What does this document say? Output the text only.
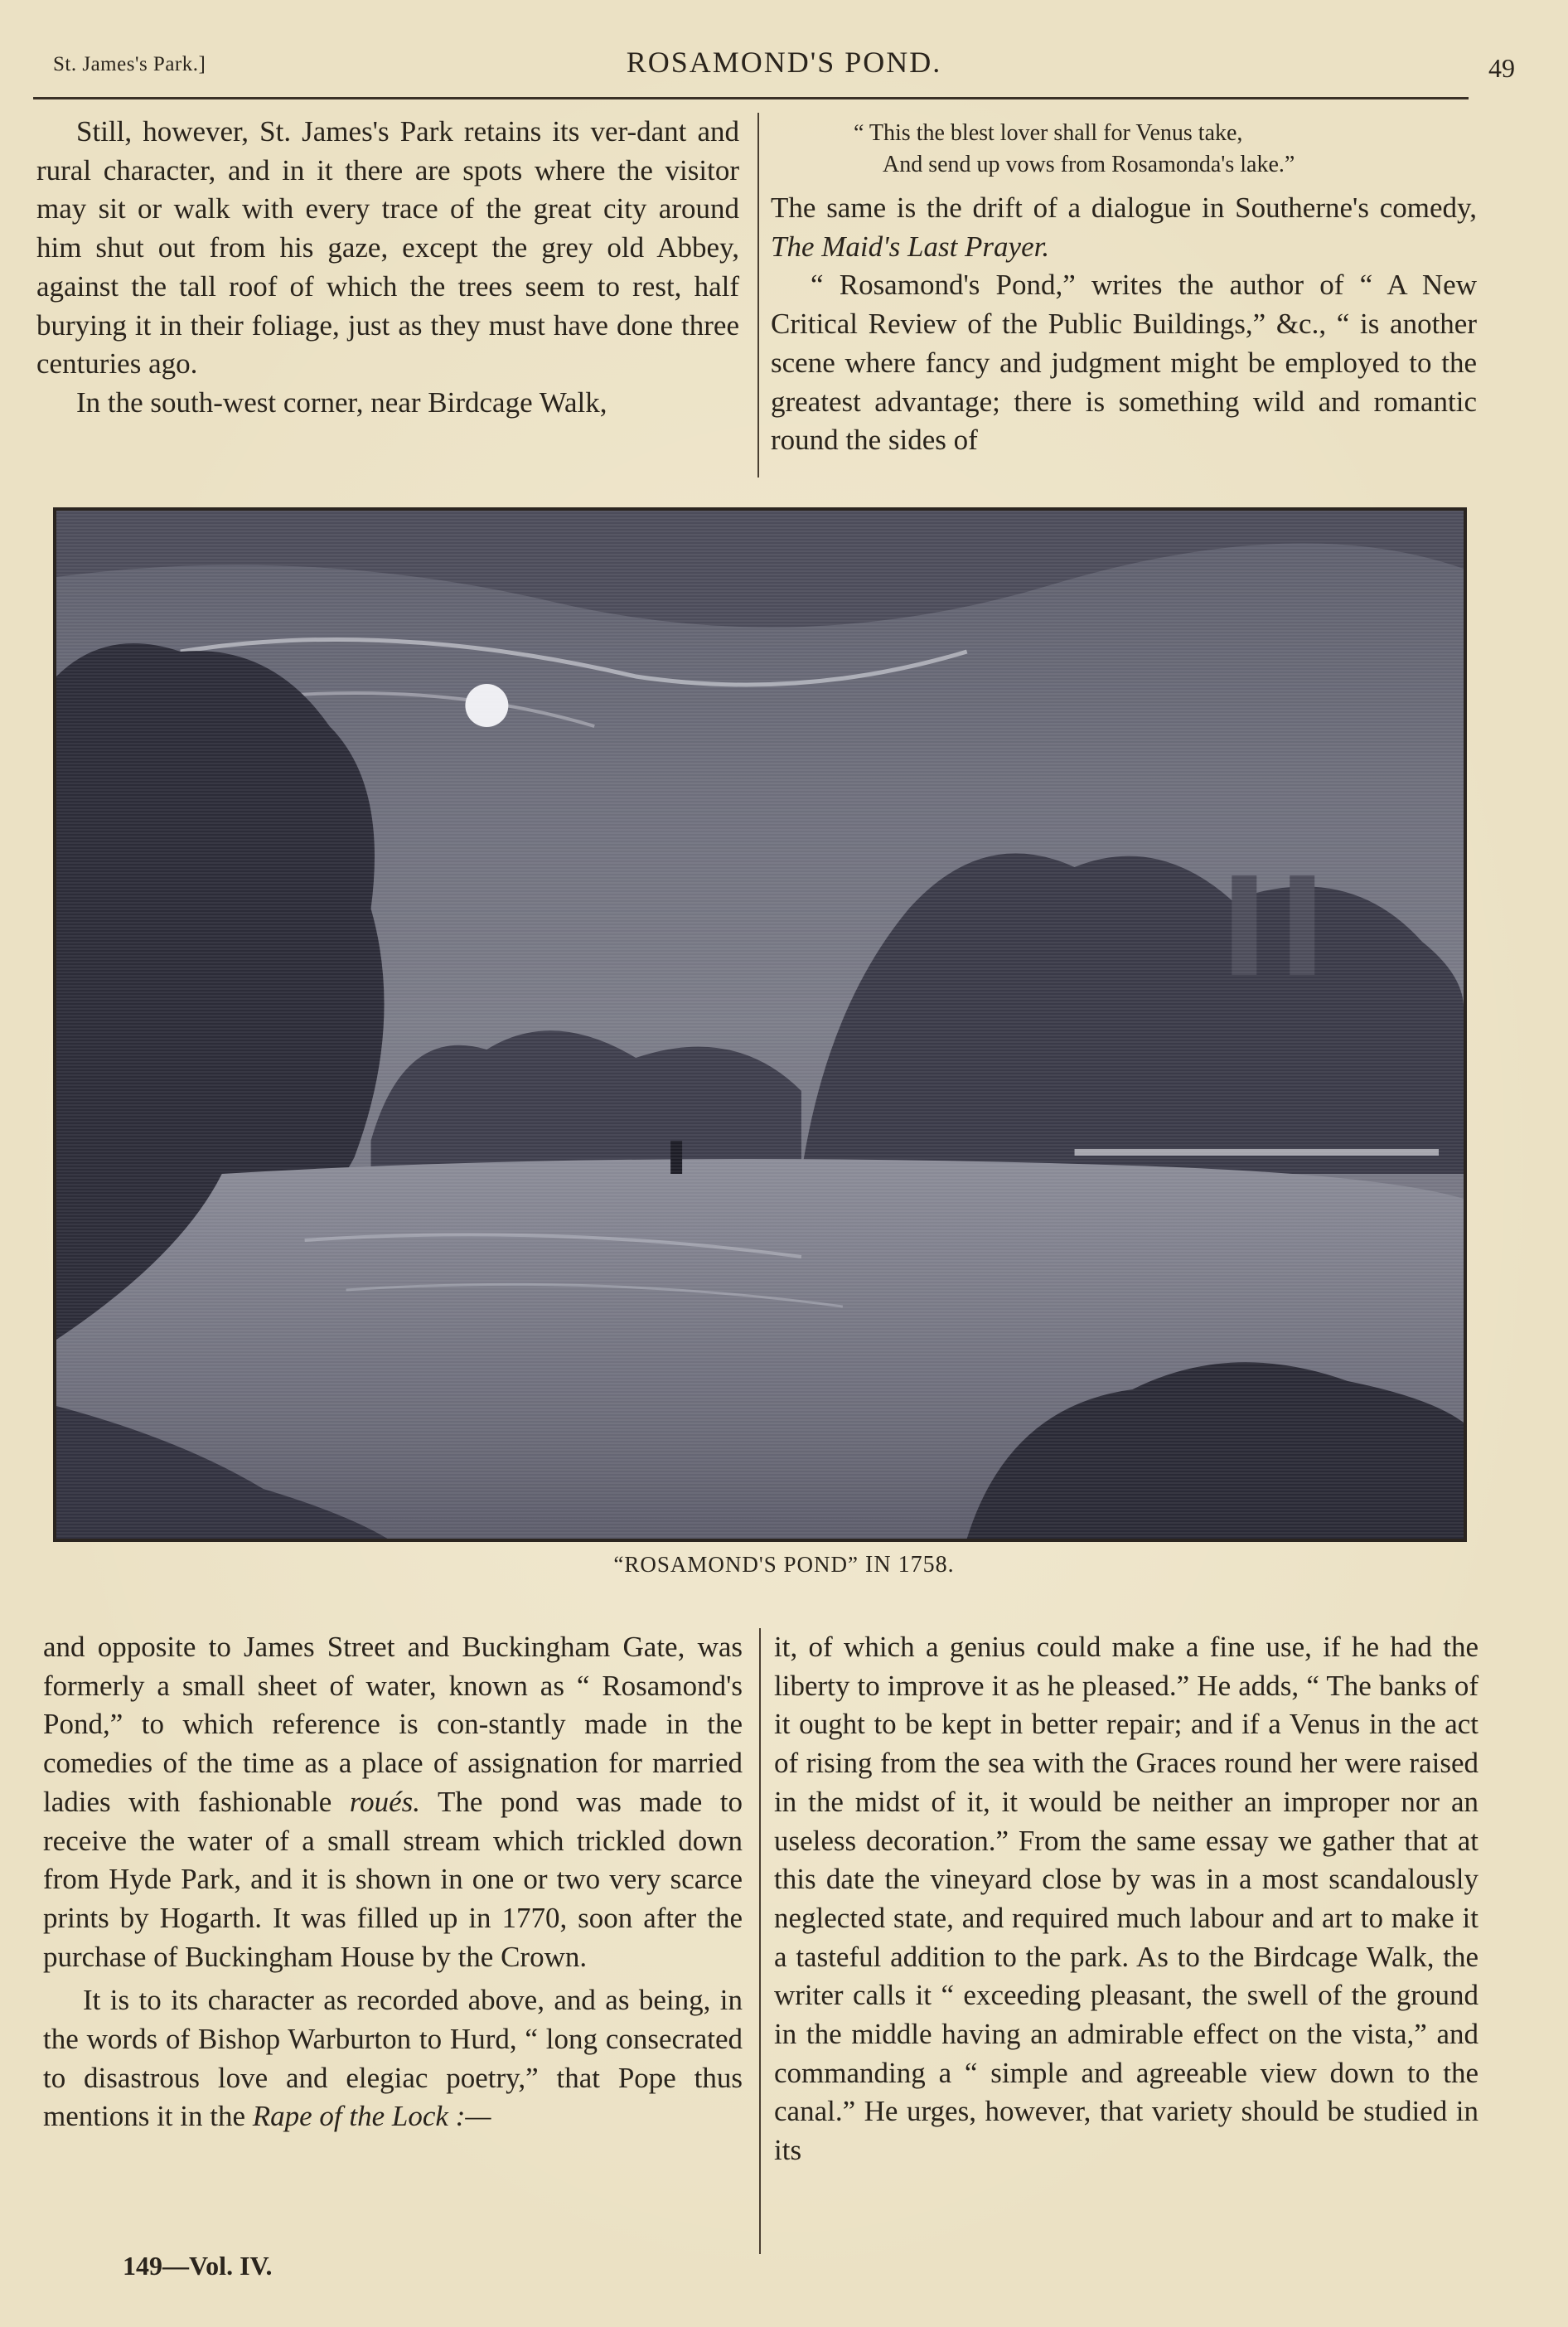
St. James's Park.]	ROSAMOND'S POND.	49

Still, however, St. James's Park retains its ver-dant and rural character, and in it there are spots where the visitor may sit or walk with every trace of the great city around him shut out from his gaze, except the grey old Abbey, against the tall roof of which the trees seem to rest, half burying it in their foliage, just as they must have done three centuries ago.

In the south-west corner, near Birdcage Walk,

“ This the blest lover shall for Venus take,
And send up vows from Rosamonda's lake.”

The same is the drift of a dialogue in Southerne's comedy, The Maid's Last Prayer.

“ Rosamond's Pond,” writes the author of “ A New Critical Review of the Public Buildings,” &c., “ is another scene where fancy and judgment might be employed to the greatest advantage; there is something wild and romantic round the sides of

“ROSAMOND'S POND” IN 1758.

and opposite to James Street and Buckingham Gate, was formerly a small sheet of water, known as “ Rosamond's Pond,” to which reference is con-stantly made in the comedies of the time as a place of assignation for married ladies with fashionable roués. The pond was made to receive the water of a small stream which trickled down from Hyde Park, and it is shown in one or two very scarce prints by Hogarth. It was filled up in 1770, soon after the purchase of Buckingham House by the Crown.

It is to its character as recorded above, and as being, in the words of Bishop Warburton to Hurd, “ long consecrated to disastrous love and elegiac poetry,” that Pope thus mentions it in the Rape of the Lock :—

149—Vol. IV.

it, of which a genius could make a fine use, if he had the liberty to improve it as he pleased.” He adds, “ The banks of it ought to be kept in better repair; and if a Venus in the act of rising from the sea with the Graces round her were raised in the midst of it, it would be neither an improper nor an useless decoration.” From the same essay we gather that at this date the vineyard close by was in a most scandalously neglected state, and required much labour and art to make it a tasteful addition to the park. As to the Birdcage Walk, the writer calls it “ exceeding pleasant, the swell of the ground in the middle having an admirable effect on the vista,” and commanding a “ simple and agreeable view down to the canal.” He urges, however, that variety should be studied in its
